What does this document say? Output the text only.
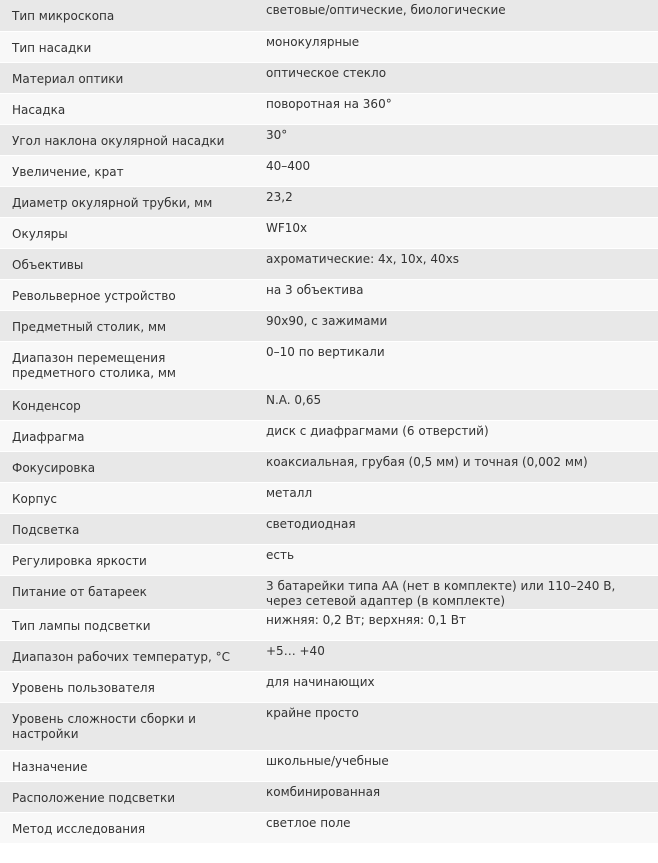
Тип микроскопа	световые/оптические, биологические
Тип насадки	монокулярные
Материал оптики	оптическое стекло
Насадка	поворотная на 360°
Угол наклона окулярной насадки	30°
Увеличение, крат	40–400
Диаметр окулярной трубки, мм	23,2
Окуляры	WF10x
Объективы	ахроматические: 4x, 10x, 40xs
Револьверное устройство	на 3 объектива
Предметный столик, мм	90x90, с зажимами
Диапазон перемещения предметного столика, мм	0–10 по вертикали
Конденсор	N.A. 0,65
Диафрагма	диск с диафрагмами (6 отверстий)
Фокусировка	коаксиальная, грубая (0,5 мм) и точная (0,002 мм)
Корпус	металл
Подсветка	светодиодная
Регулировка яркости	есть
Питание от батареек	3 батарейки типа АА (нет в комплекте) или 110–240 В, через сетевой адаптер (в комплекте)
Тип лампы подсветки	нижняя: 0,2 Вт; верхняя: 0,1 Вт
Диапазон рабочих температур, °С	+5… +40
Уровень пользователя	для начинающих
Уровень сложности сборки и настройки	крайне просто
Назначение	школьные/учебные
Расположение подсветки	комбинированная
Метод исследования	светлое поле
